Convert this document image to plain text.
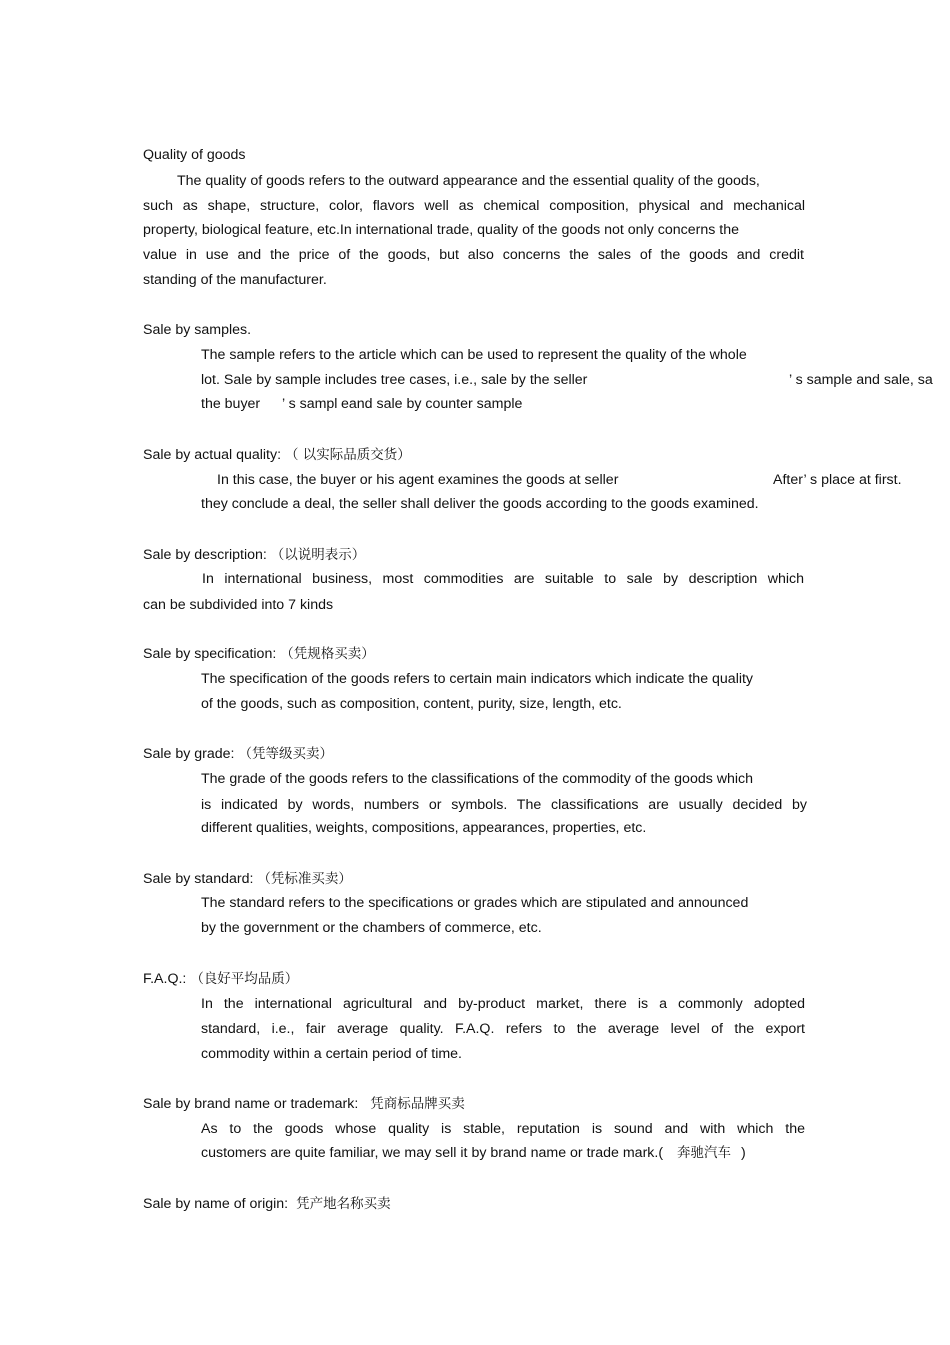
Quality of goods
The quality of goods refers to the outward appearance and the essential quality of the goods,
such as shape, structure, color, flavors well as chemical composition, physical and mechanical
property, biological feature, etc.In international trade, quality of the goods not only concerns the
value in use and the price of the goods, but also concerns the sales of the goods and credit
standing of the manufacturer.
Sale by samples.
The sample refers to the article which can be used to represent the quality of the whole
lot. Sale by sample includes tree cases, i.e., sale by the seller	’ s sample and sale, sa
the buyer ’ s sampl eand sale by counter sample
Sale by actual quality: （ 以实际品质交货）
In this case, the buyer or his agent examines the goods at seller	After’ s place at first.
they conclude a deal, the seller shall deliver the goods according to the goods examined.
Sale by description: （以说明表示）
In international business, most commodities are suitable to sale by description which
can be subdivided into 7 kinds
Sale by specification: （凭规格买卖）
The specification of the goods refers to certain main indicators which indicate the quality
of the goods, such as composition, content, purity, size, length, etc.
Sale by grade: （凭等级买卖）
The grade of the goods refers to the classifications of the commodity of the goods which
is indicated by words, numbers or symbols. The classifications are usually decided by
different qualities, weights, compositions, appearances, properties, etc.
Sale by standard: （凭标准买卖）
The standard refers to the specifications or grades which are stipulated and announced
by the government or the chambers of commerce, etc.
F.A.Q.: （良好平均品质）
In the international agricultural and by-product market, there is a commonly adopted
standard, i.e., fair average quality. F.A.Q. refers to the average level of the export
commodity within a certain period of time.
Sale by brand name or trademark: 凭商标品牌买卖
As to the goods whose quality is stable, reputation is sound and with which the
customers are quite familiar, we may sell it by brand name or trade mark.( 奔驰汽车 )
Sale by name of origin: 凭产地名称买卖
